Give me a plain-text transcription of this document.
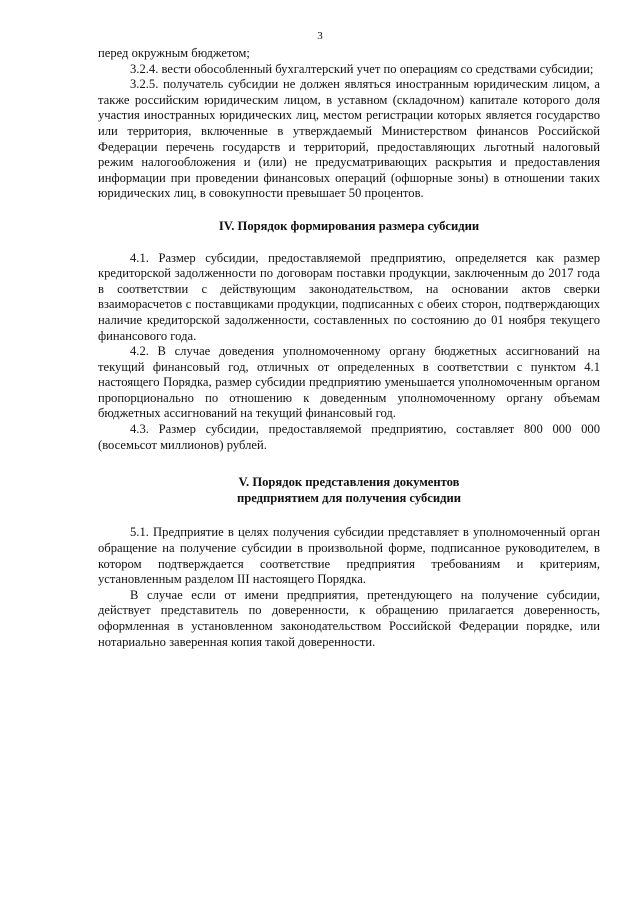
3

перед окружным бюджетом;

3.2.4. вести обособленный бухгалтерский учет по операциям со средствами субсидии;

3.2.5. получатель субсидии не должен являться иностранным юридическим лицом, а также российским юридическим лицом, в уставном (складочном) капитале которого доля участия иностранных юридических лиц, местом регистрации которых является государство или территория, включенные в утверждаемый Министерством финансов Российской Федерации перечень государств и территорий, предоставляющих льготный налоговый режим налогообложения и (или) не предусматривающих раскрытия и предоставления информации при проведении финансовых операций (офшорные зоны) в отношении таких юридических лиц, в совокупности превышает 50 процентов.

IV. Порядок формирования размера субсидии

4.1. Размер субсидии, предоставляемой предприятию, определяется как размер кредиторской задолженности по договорам поставки продукции, заключенным до 2017 года в соответствии с действующим законодательством, на основании актов сверки взаиморасчетов с поставщиками продукции, подписанных с обеих сторон, подтверждающих наличие кредиторской задолженности, составленных по состоянию до 01 ноября текущего финансового года.

4.2. В случае доведения уполномоченному органу бюджетных ассигнований на текущий финансовый год, отличных от определенных в соответствии с пунктом 4.1 настоящего Порядка, размер субсидии предприятию уменьшается уполномоченным органом пропорционально по отношению к доведенным уполномоченному органу объемам бюджетных ассигнований на текущий финансовый год.

4.3. Размер субсидии, предоставляемой предприятию, составляет 800 000 000 (восемьсот миллионов) рублей.

V. Порядок представления документов
предприятием для получения субсидии

5.1. Предприятие в целях получения субсидии представляет в уполномоченный орган обращение на получение субсидии в произвольной форме, подписанное руководителем, в котором подтверждается соответствие предприятия требованиям и критериям, установленным разделом III настоящего Порядка.

В случае если от имени предприятия, претендующего на получение субсидии, действует представитель по доверенности, к обращению прилагается доверенность, оформленная в установленном законодательством Российской Федерации порядке, или нотариально заверенная копия такой доверенности.
